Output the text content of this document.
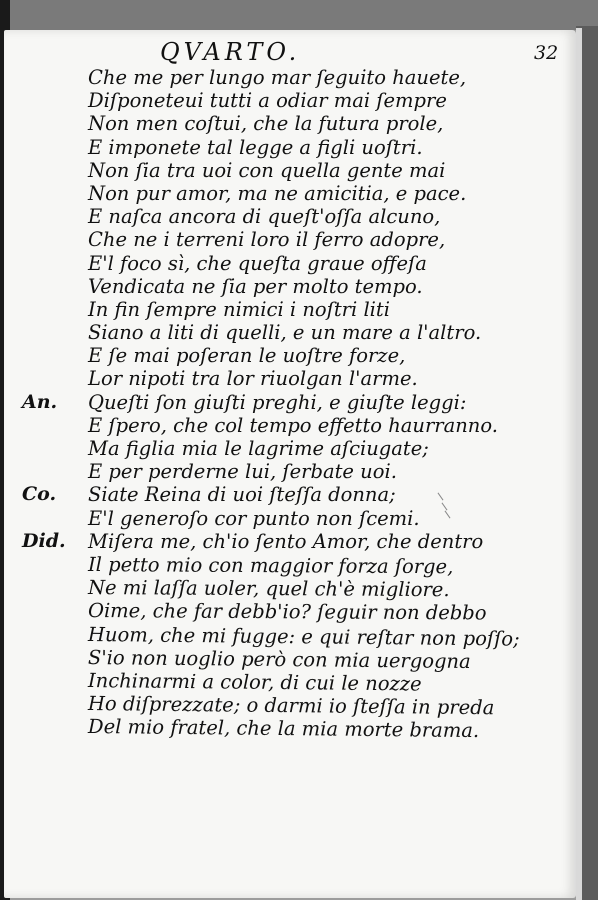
QVARTO.	32
Che me per lungo mar ſeguito hauete,
Diſponeteui tutti a odiar mai ſempre
Non men coſtui, che la futura prole,
E imponete tal legge a figli uoſtri.
Non ſia tra uoi con quella gente mai
Non pur amor, ma ne amicitia, e pace.
E naſca ancora di queſt'oſſa alcuno,
Che ne i terreni loro il ferro adopre,
E'l foco sì, che queſta graue offeſa
Vendicata ne ſia per molto tempo.
In fin ſempre nimici i noſtri liti
Siano a liti di quelli, e un mare a l'altro.
E ſe mai poſeran le uoſtre forze,
Lor nipoti tra lor riuolgan l'arme.
An. Queſti ſon giuſti preghi, e giuſte leggi:
E ſpero, che col tempo effetto haurranno.
Ma figlia mia le lagrime aſciugate;
E per perderne lui, ſerbate uoi.
Co. Siate Reina di uoi ſteſſa donna;
E'l generoſo cor punto non ſcemi.
Did. Miſera me, ch'io ſento Amor, che dentro
Il petto mio con maggior forza ſorge,
Ne mi laſſa uoler, quel ch'è migliore.
Oime, che far debb'io? ſeguir non debbo
Huom, che mi fugge: e qui reſtar non poſſo;
S'io non uoglio però con mia uergogna
Inchinarmi a color, di cui le nozze
Ho diſprezzate; o darmi io ſteſſa in preda
Del mio fratel, che la mia morte brama.
